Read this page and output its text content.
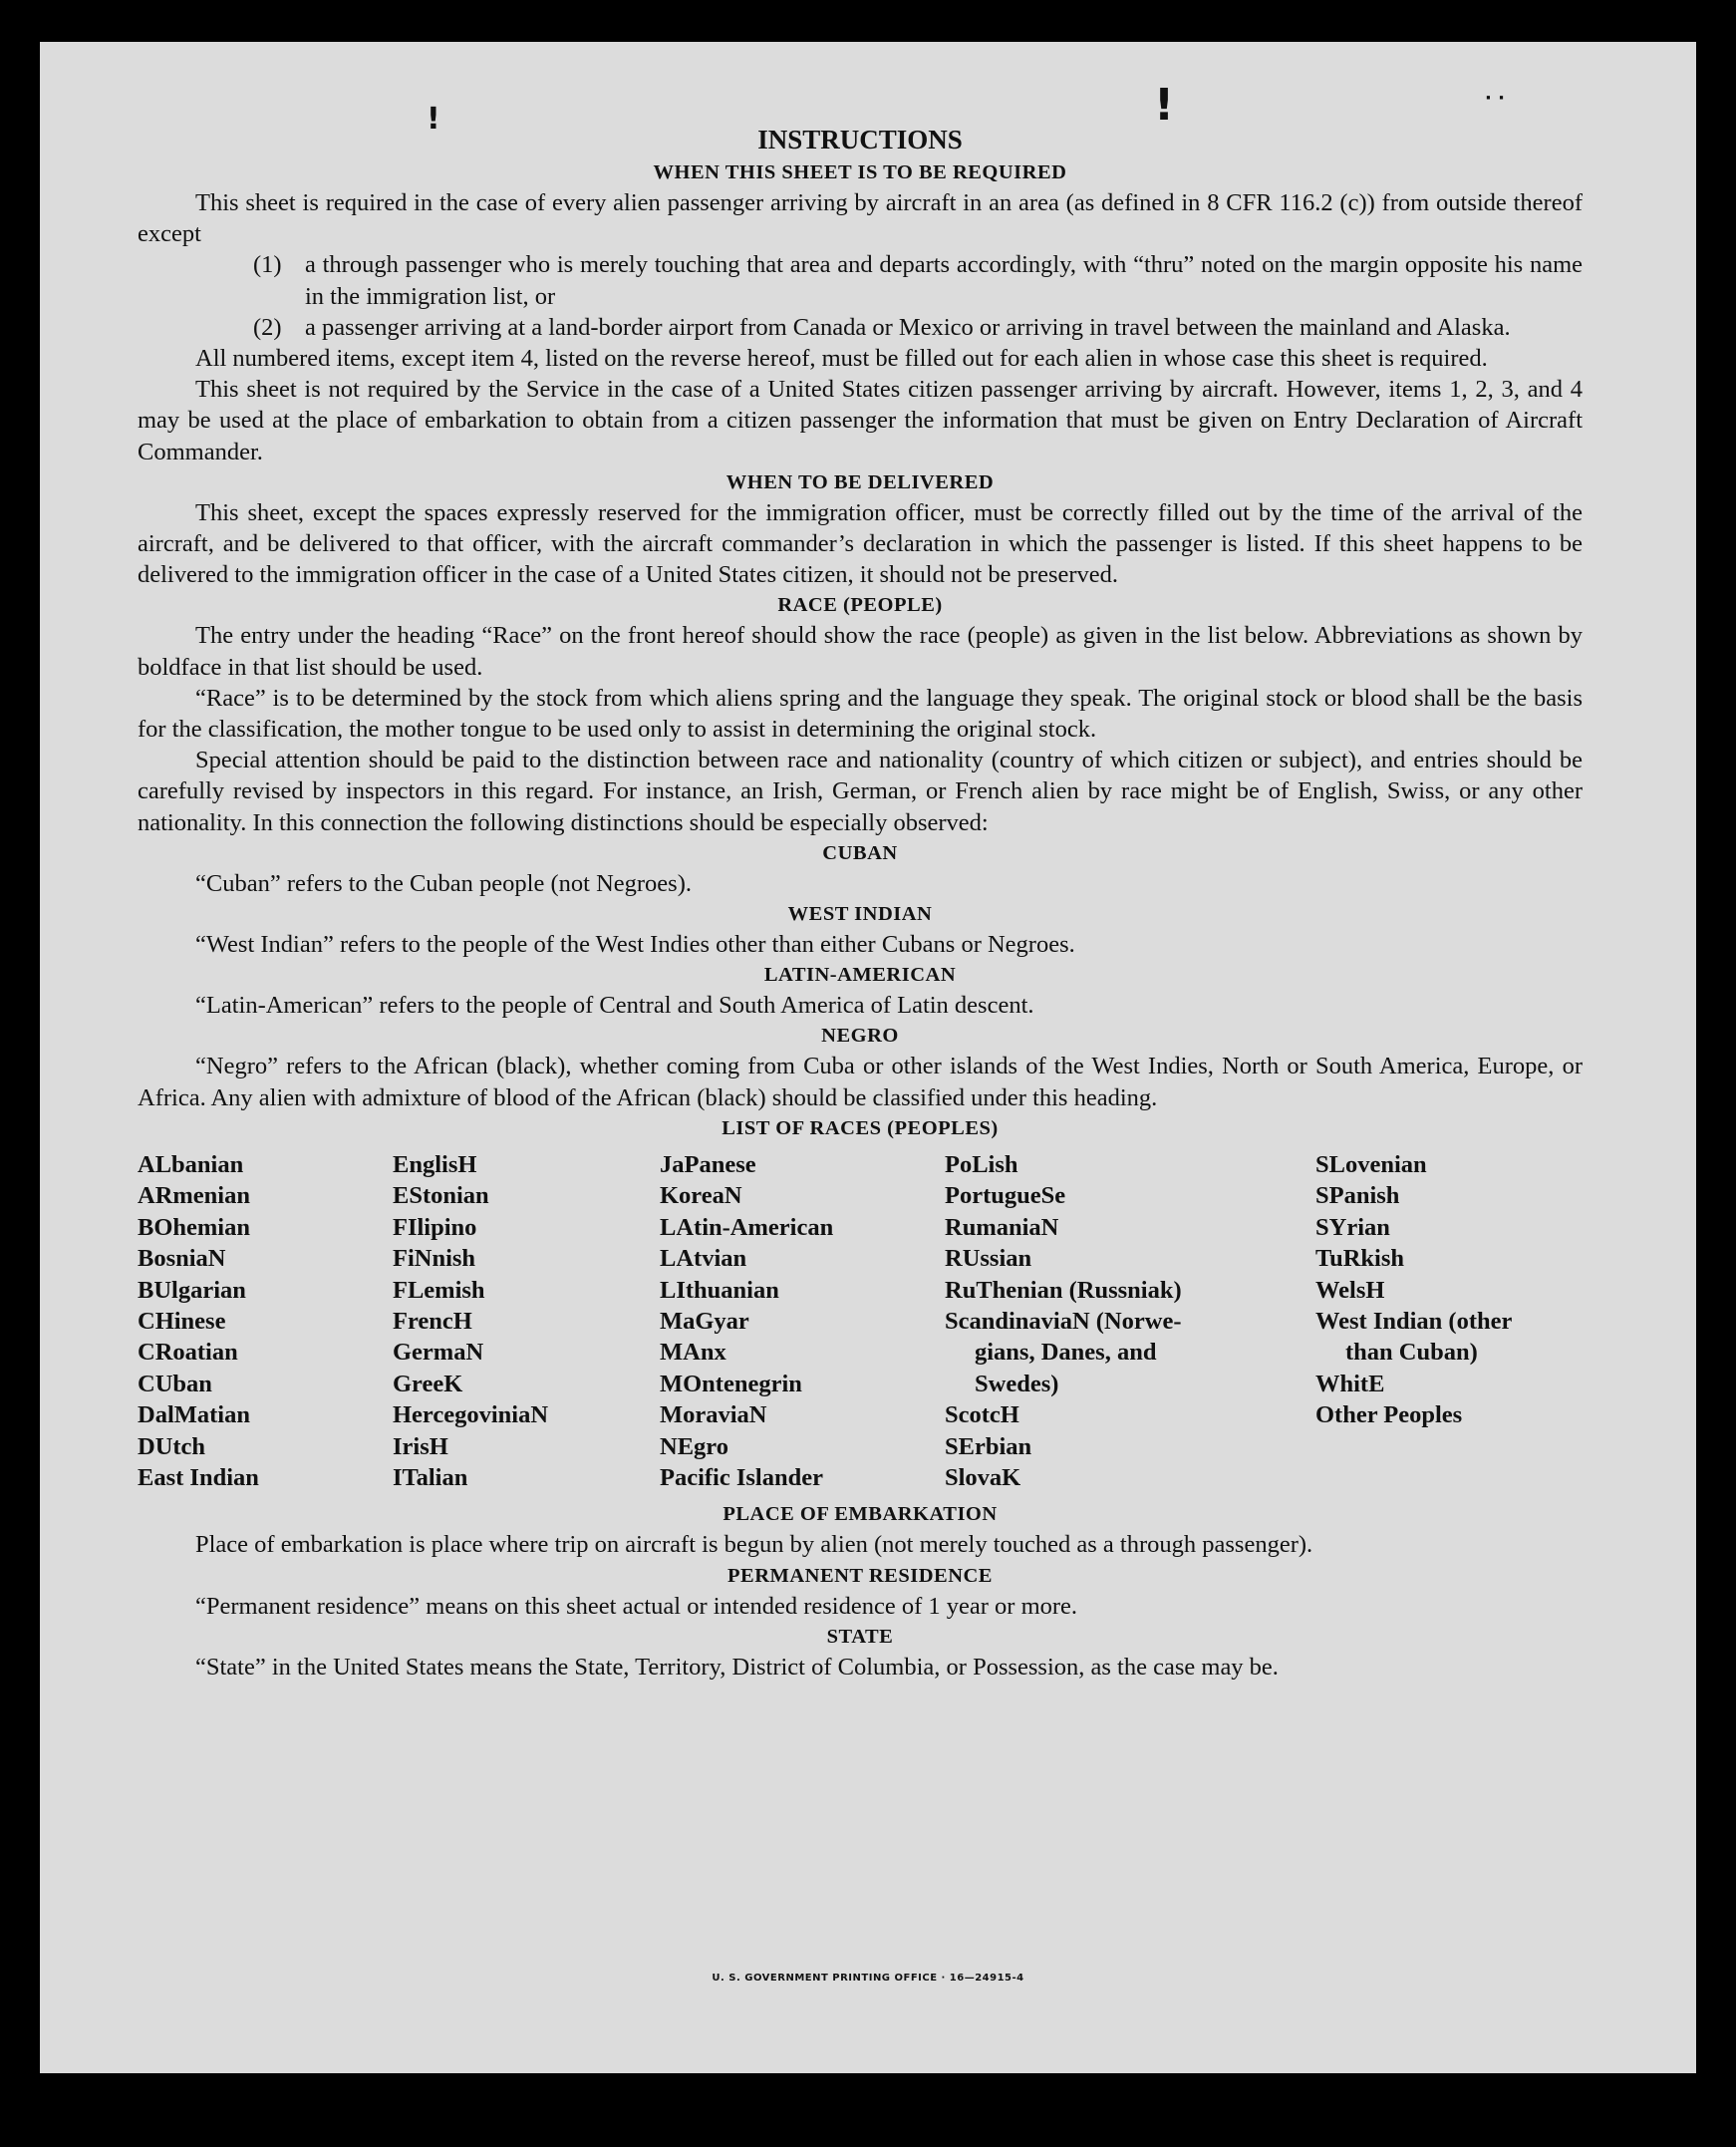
!	!	· ·
INSTRUCTIONS
WHEN THIS SHEET IS TO BE REQUIRED

This sheet is required in the case of every alien passenger arriving by aircraft in an area (as defined in 8 CFR 116.2 (c)) from outside thereof except

(1) a through passenger who is merely touching that area and departs accordingly, with “thru” noted on the margin opposite his name in the immigration list, or
(2) a passenger arriving at a land-border airport from Canada or Mexico or arriving in travel between the mainland and Alaska.

All numbered items, except item 4, listed on the reverse hereof, must be filled out for each alien in whose case this sheet is required.

This sheet is not required by the Service in the case of a United States citizen passenger arriving by aircraft. However, items 1, 2, 3, and 4 may be used at the place of embarkation to obtain from a citizen passenger the information that must be given on Entry Declaration of Aircraft Commander.

WHEN TO BE DELIVERED

This sheet, except the spaces expressly reserved for the immigration officer, must be correctly filled out by the time of the arrival of the aircraft, and be delivered to that officer, with the aircraft commander’s declaration in which the passenger is listed. If this sheet happens to be delivered to the immigration officer in the case of a United States citizen, it should not be preserved.

RACE (PEOPLE)

The entry under the heading “Race” on the front hereof should show the race (people) as given in the list below. Abbreviations as shown by boldface in that list should be used.

“Race” is to be determined by the stock from which aliens spring and the language they speak. The original stock or blood shall be the basis for the classification, the mother tongue to be used only to assist in determining the original stock.

Special attention should be paid to the distinction between race and nationality (country of which citizen or subject), and entries should be carefully revised by inspectors in this regard. For instance, an Irish, German, or French alien by race might be of English, Swiss, or any other nationality. In this connection the following distinctions should be especially observed:

CUBAN

“Cuban” refers to the Cuban people (not Negroes).

WEST INDIAN

“West Indian” refers to the people of the West Indies other than either Cubans or Negroes.

LATIN-AMERICAN

“Latin-American” refers to the people of Central and South America of Latin descent.

NEGRO

“Negro” refers to the African (black), whether coming from Cuba or other islands of the West Indies, North or South America, Europe, or Africa. Any alien with admixture of blood of the African (black) should be classified under this heading.

LIST OF RACES (PEOPLES)
ALbanian
ARmenian
BOhemian
BosniaN
BUlgarian
CHinese
CRoatian
CUban
DalMatian
DUtch
East Indian
EnglisH
EStonian
FIlipino
FiNnish
FLemish
FrencH
GermaN
GreeK
HercegoviniaN
IrisH
ITalian
JaPanese
KoreaN
LAtin-American
LAtvian
LIthuanian
MaGyar
MAnx
MOntenegrin
MoraviaN
NEgro
Pacific Islander
PoLish
PortugueSe
RumaniaN
RUssian
RuThenian (Russniak)
ScandinaviaN (Norwe-
gians, Danes, and
Swedes)
ScotcH
SErbian
SlovaK
SLovenian
SPanish
SYrian
TuRkish
WelsH
West Indian (other
than Cuban)
WhitE
Other Peoples
PLACE OF EMBARKATION

Place of embarkation is place where trip on aircraft is begun by alien (not merely touched as a through passenger).

PERMANENT RESIDENCE

“Permanent residence” means on this sheet actual or intended residence of 1 year or more.

STATE

“State” in the United States means the State, Territory, District of Columbia, or Possession, as the case may be.

U. S. GOVERNMENT PRINTING OFFICE · 16—24915-4
